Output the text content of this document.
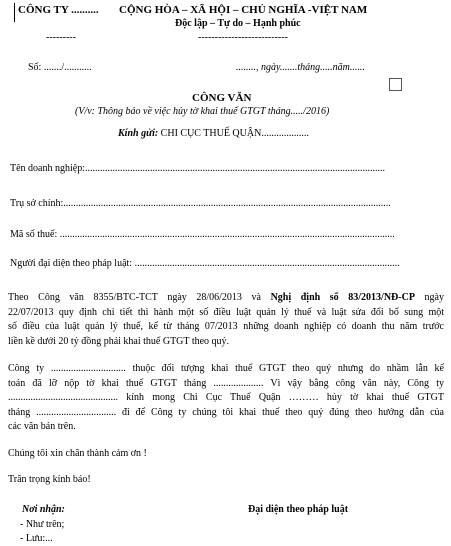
CÔNG TY ..........
---------
CỘNG HÒA – XÃ HỘI – CHỦ NGHĨA -VIỆT NAM
Độc lập – Tự do – Hạnh phúc
---------------------------
Số: ......./...........	........, ngày.......tháng.....năm......
CÔNG VĂN
(V/v: Thông báo về việc hủy tờ khai thuế GTGT tháng...../2016)
Kính gửi: CHI CỤC THUẾ QUẬN...................
Tên doanh nghiệp:........................................................................................................................
Trụ sở chính:...................................................................................................................................
Mã số thuế: ......................................................................................................................................
Người đại diện theo pháp luật: ..........................................................................................................
Theo Công văn 8355/BTC-TCT ngày 28/06/2013 và Nghị định số 83/2013/NĐ-CP ngày
22/07/2013 quy định chi tiết thi hành một số điều luật quản lý thuế và luật sửa đổi bổ sung một
số điều của luật quản lý thuế, kể từ tháng 07/2013 những doanh nghiệp có doanh thu năm trước
liền kề dưới 20 tỷ đồng phải khai thuế GTGT theo quý.
Công ty .............................. thuộc đối tượng khai thuế GTGT theo quý nhưng do nhầm lẫn kế
toán đã lỡ nộp tờ khai thuế GTGT tháng .................... Vì vậy bằng công văn này, Công ty
............................................ kính mong Chi Cục Thuế Quận ……… hủy tờ khai thuế GTGT
tháng ................................ đi để Công ty chúng tôi khai thuế theo quý đúng theo hướng dẫn của
các văn bản trên.
Chúng tôi xin chân thành cảm ơn !
Trân trọng kính báo!
Nơi nhận:
- Như trên;
- Lưu:...
Đại diện theo pháp luật
